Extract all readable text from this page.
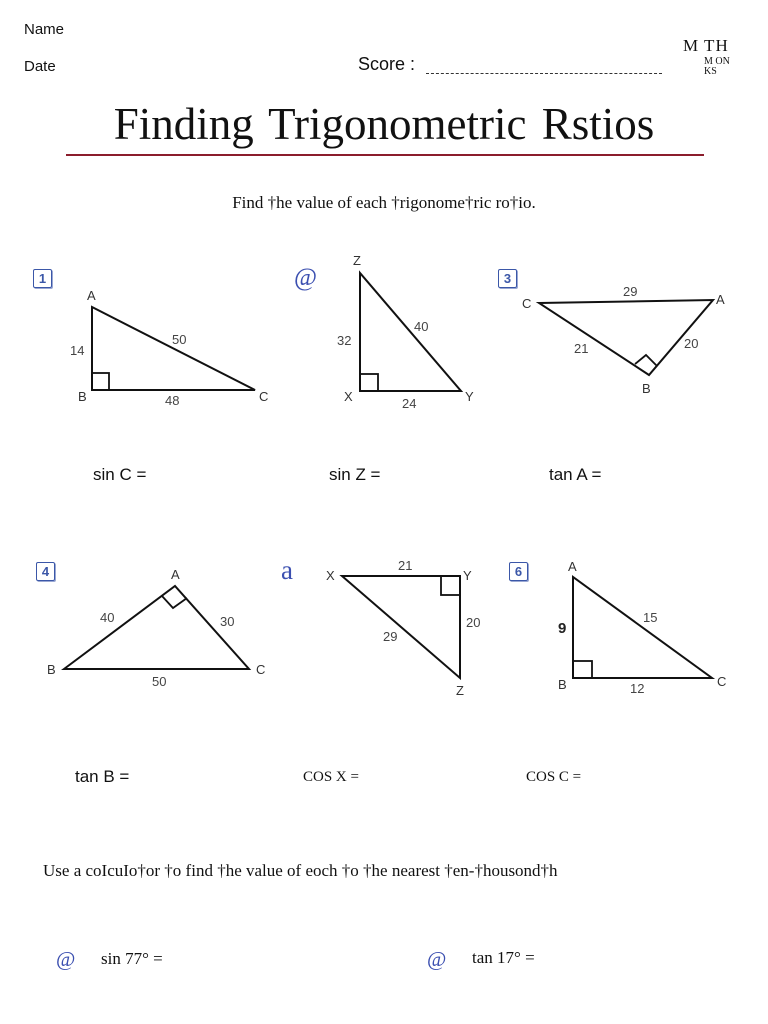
Name
Date	Score :
M TH
M ON
KS
Finding Trigonometric Rstios
Find †he value of each †rigonome†ric ro†io.
1	@	3
4	a	6
A
B	C
Z
X	Y
C	A
B
A
B	C
X	Y
Z
A
B	C
14
48
50	32
24
40
29
21	20
40	30
50
21
20
29	9
12
15
sin C =	sin Z =	tan A =
tan B =	COS X =	COS C =
Use a coIcuIo†or †o find †he value of eoch †o †he nearest †en-†housond†h
@ sin 77° =	@ tan 17° =
